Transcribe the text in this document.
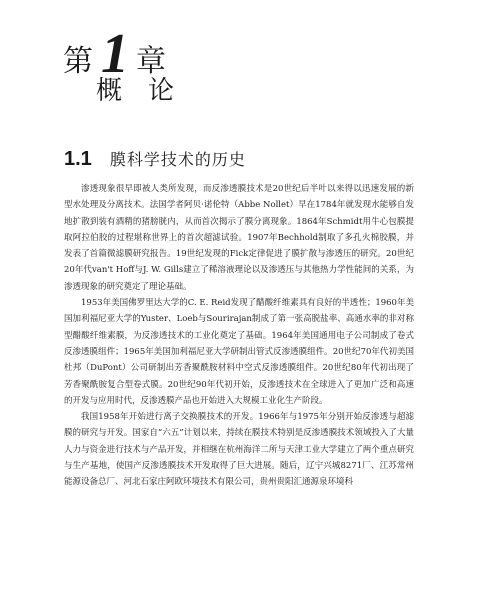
第 1 章
概论
1.1 膜科学技术的历史

渗透现象很早即被人类所发现，而反渗透膜技术是20世纪后半叶以来得以迅速发展的新型水处理及分离技术。法国学者阿贝·诺伦特（Abbe Nollet）早在1784年就发现水能够自发地扩散到装有酒精的猪膀胱内，从而首次揭示了膜分离现象。1864年Schmidt用牛心包膜提取阿拉伯胶的过程堪称世界上的首次超滤试验。1907年Bechhold制取了多孔火棉胶膜，并发表了首篇微滤膜研究报告。19世纪发现的Fick定律促进了膜扩散与渗透压的研究。20世纪20年代van't Hoff与J. W. Gills建立了稀溶液理论以及渗透压与其他热力学性能间的关系，为渗透现象的研究奠定了理论基础。

1953年美国佛罗里达大学的C. E. Reid发现了醋酸纤维素具有良好的半透性；1960年美国加利福尼亚大学的Yuster、Loeb与Sourirajan制成了第一张高脱盐率、高通水率的非对称型醋酸纤维素膜，为反渗透技术的工业化奠定了基础。1964年美国通用电子公司制成了卷式反渗透膜组件；1965年美国加利福尼亚大学研制出管式反渗透膜组件。20世纪70年代初美国杜邦（DuPont）公司研制出芳香聚酰胺材料中空式反渗透膜组件。20世纪80年代初出现了芳香聚酰胺复合型卷式膜。20世纪90年代初开始，反渗透技术在全球进入了更加广泛和高速的开发与应用时代，反渗透膜产品也开始进入大规模工业化生产阶段。

我国1958年开始进行离子交换膜技术的开发。1966年与1975年分别开始反渗透与超滤膜的研究与开发。国家自“六五”计划以来，持续在膜技术特别是反渗透膜技术领域投入了大量人力与资金进行技术与产品开发，并相继在杭州海洋二所与天津工业大学建立了两个重点研究与生产基地，使国产反渗透膜技术开发取得了巨大进展。随后，辽宁兴城8271厂、江苏常州能源设备总厂、河北石家庄阿欧环境技术有限公司，贵州贵阳汇通源泉环境科
